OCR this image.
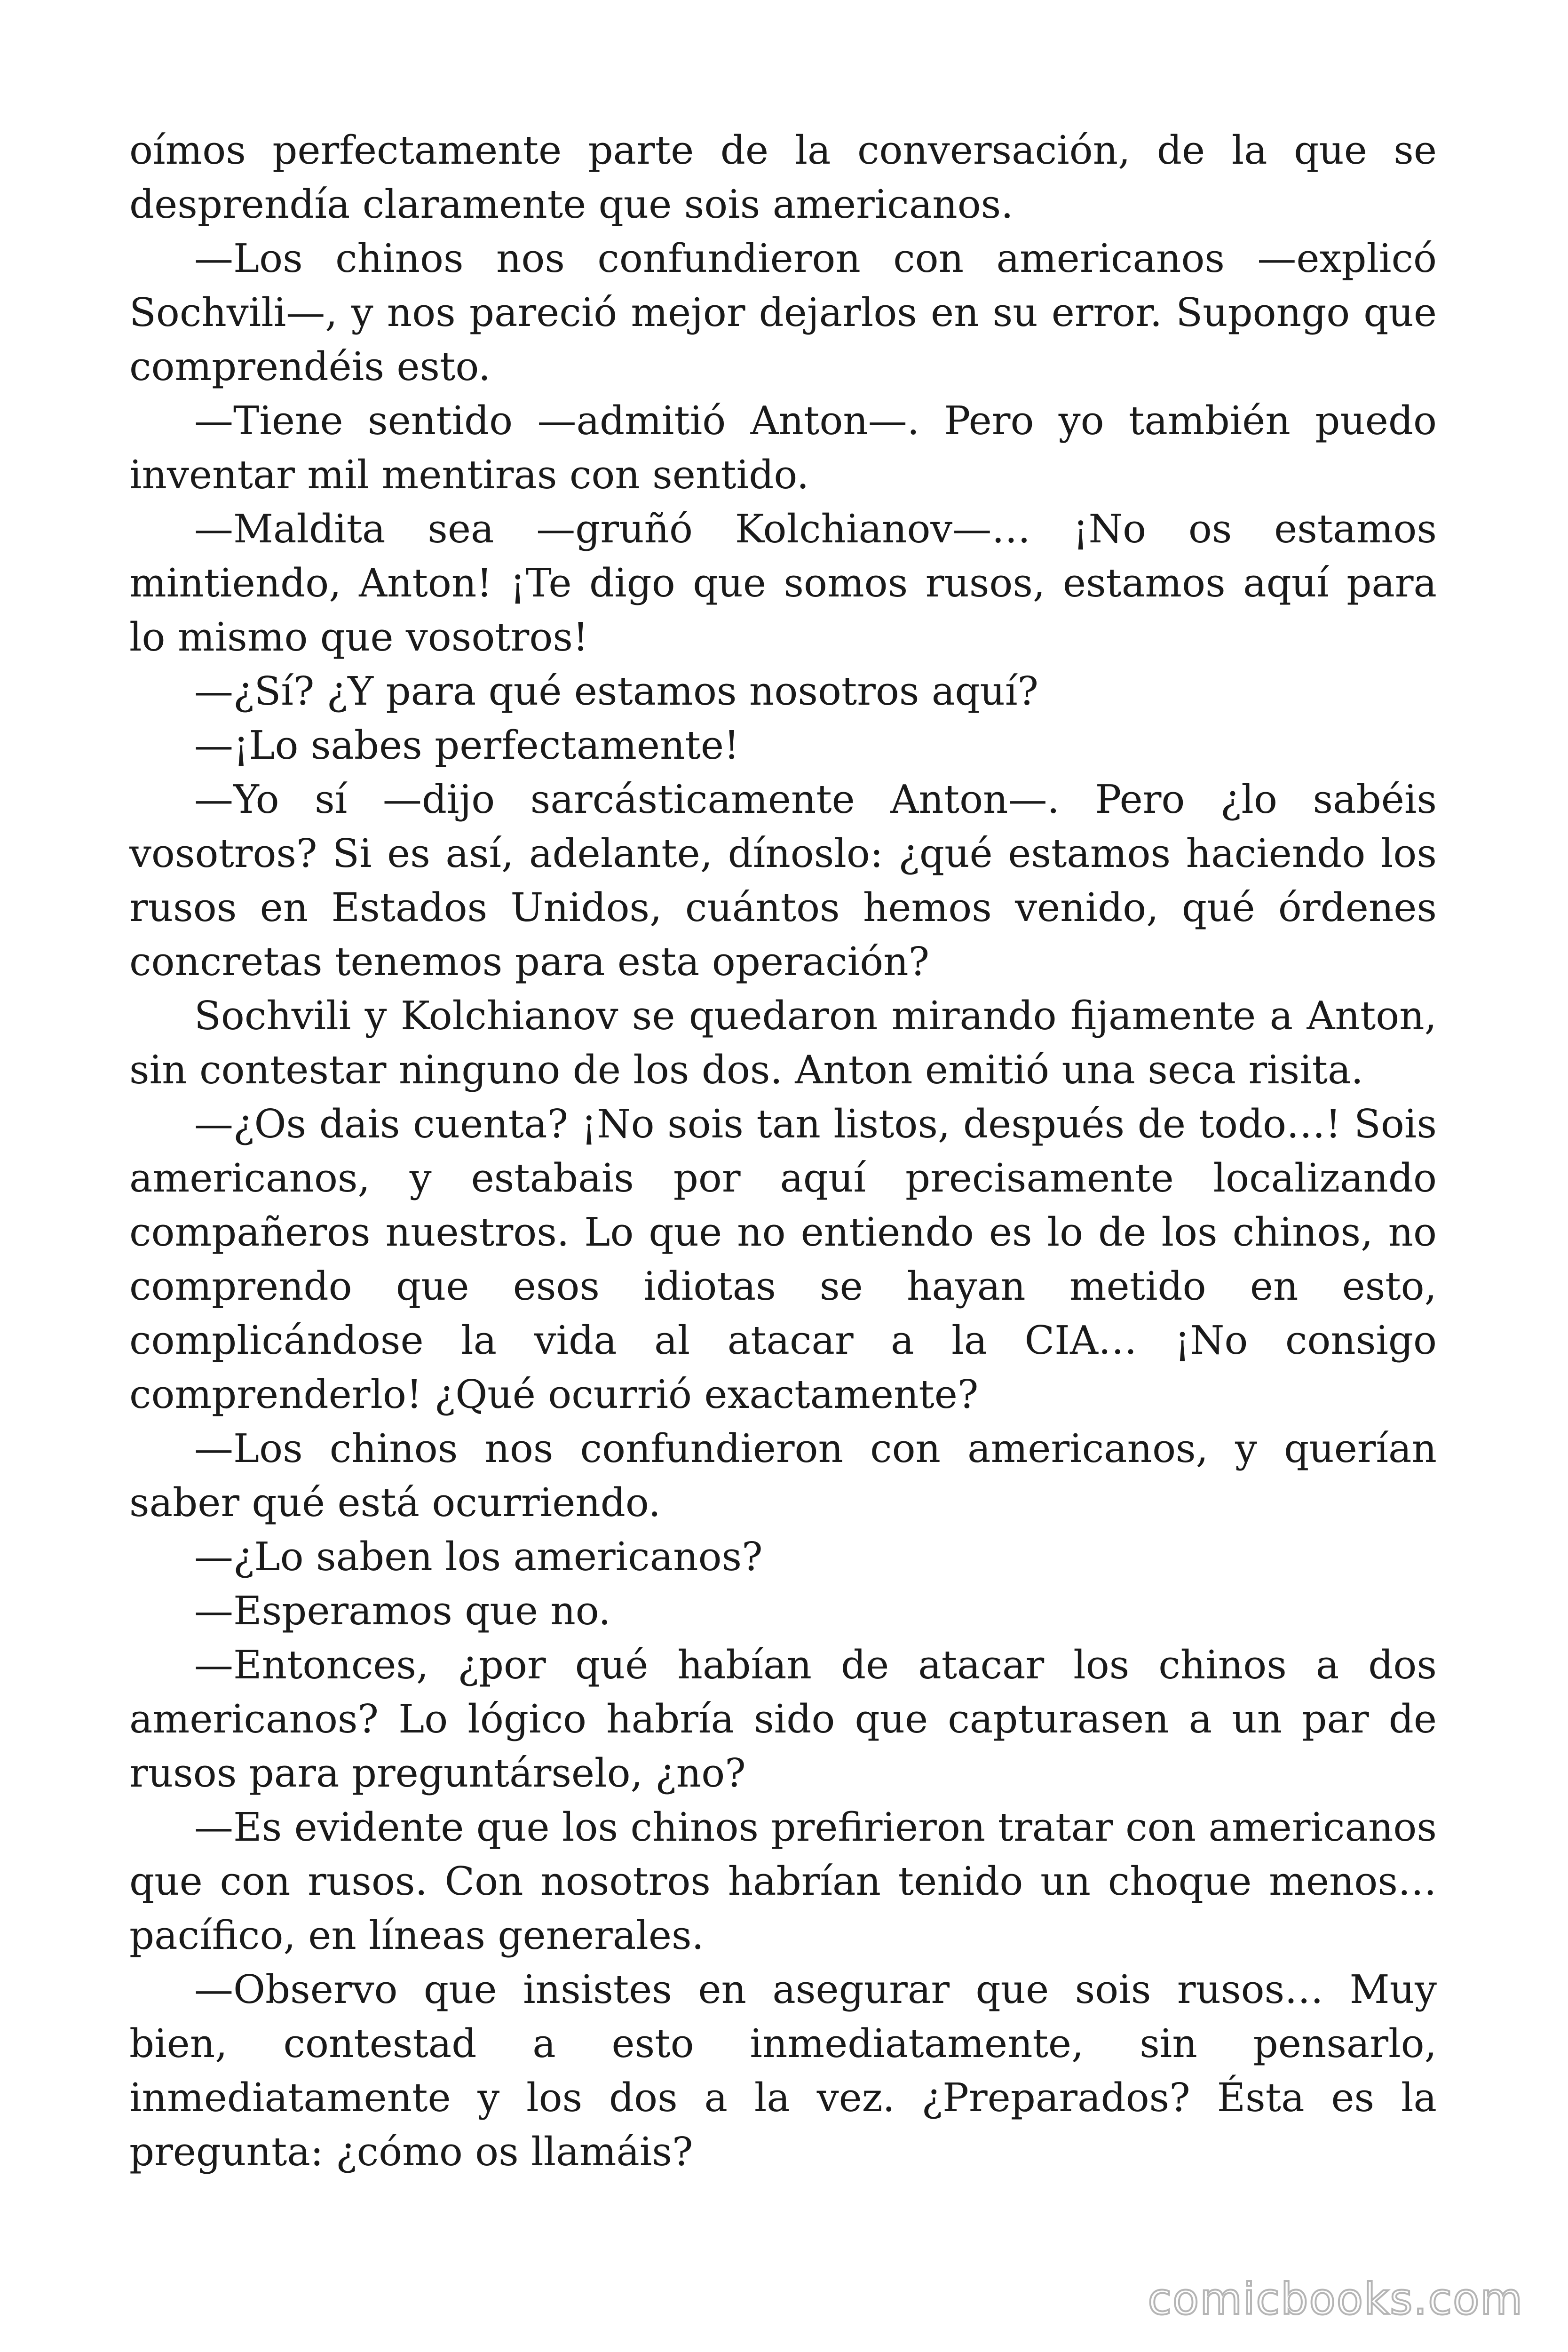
oímos perfectamente parte de la conversación, de la que se desprendía claramente que sois americanos.

—Los chinos nos confundieron con americanos —explicó Sochvili—, y nos pareció mejor dejarlos en su error. Supongo que comprendéis esto.

—Tiene sentido —admitió Anton—. Pero yo también puedo inventar mil mentiras con sentido.

—Maldita sea —gruñó Kolchianov—… ¡No os estamos mintiendo, Anton! ¡Te digo que somos rusos, estamos aquí para lo mismo que vosotros!

—¿Sí? ¿Y para qué estamos nosotros aquí?

—¡Lo sabes perfectamente!

—Yo sí —dijo sarcásticamente Anton—. Pero ¿lo sabéis vosotros? Si es así, adelante, dínoslo: ¿qué estamos haciendo los rusos en Estados Unidos, cuántos hemos venido, qué órdenes concretas tenemos para esta operación?

Sochvili y Kolchianov se quedaron mirando fijamente a Anton, sin contestar ninguno de los dos. Anton emitió una seca risita.

—¿Os dais cuenta? ¡No sois tan listos, después de todo…! Sois americanos, y estabais por aquí precisamente localizando compañeros nuestros. Lo que no entiendo es lo de los chinos, no comprendo que esos idiotas se hayan metido en esto, complicándose la vida al atacar a la CIA… ¡No consigo comprenderlo! ¿Qué ocurrió exactamente?

—Los chinos nos confundieron con americanos, y querían saber qué está ocurriendo.

—¿Lo saben los americanos?

—Esperamos que no.

—Entonces, ¿por qué habían de atacar los chinos a dos americanos? Lo lógico habría sido que capturasen a un par de rusos para preguntárselo, ¿no?

—Es evidente que los chinos prefirieron tratar con americanos que con rusos. Con nosotros habrían tenido un choque menos… pacífico, en líneas generales.

—Observo que insistes en asegurar que sois rusos… Muy bien, contestad a esto inmediatamente, sin pensarlo, inmediatamente y los dos a la vez. ¿Preparados? Ésta es la pregunta: ¿cómo os llamáis?

comicbooks.com
